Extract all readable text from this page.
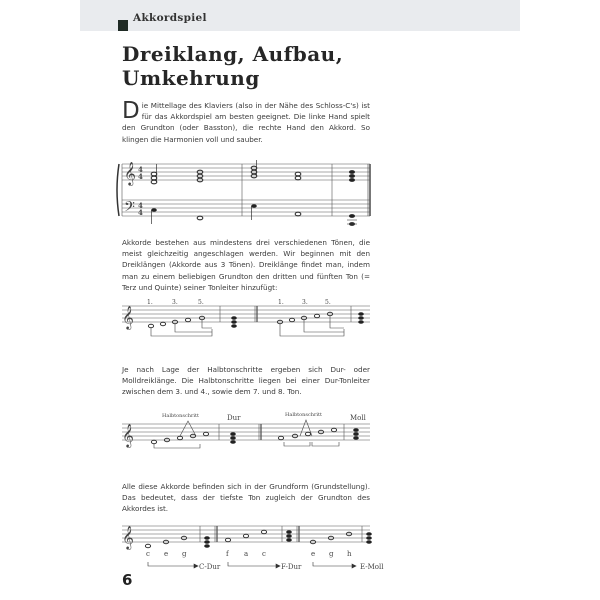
Akkordspiel
Dreiklang, Aufbau,
Umkehrung
Die Mittellage des Klaviers (also in der Nähe des Schloss-C's) ist für das Akkordspiel am besten geeignet. Die linke Hand spielt den Grundton (oder Basston), die rechte Hand den Akkord. So klingen die Harmonien voll und sauber.
𝄞
𝄢
4
4
4
4
Akkorde bestehen aus mindestens drei verschiedenen Tönen, die meist gleichzeitig angeschlagen werden. Wir beginnen mit den Dreiklängen (Akkorde aus 3 Tönen). Dreiklänge findet man, indem man zu einem beliebigen Grundton den dritten und fünften Ton (= Terz und Quinte) seiner Tonleiter hinzufügt:
𝄞
1.	3.	5.	1.	3.	5.
Je nach Lage der Halbtonschritte ergeben sich Dur- oder Molldreiklänge. Die Halbtonschritte liegen bei einer Dur-Tonleiter zwischen dem 3. und 4., sowie dem 7. und 8. Ton.
𝄞
Halbtonschritt	Halbtonschritt
Dur	Moll
Alle diese Akkorde befinden sich in der Grundform (Grundstellung). Das bedeutet, dass der tiefste Ton zugleich der Grundton des Akkordes ist.
𝄞
c e g	f a c	e g h
C-Dur	F-Dur	E-Moll
6
